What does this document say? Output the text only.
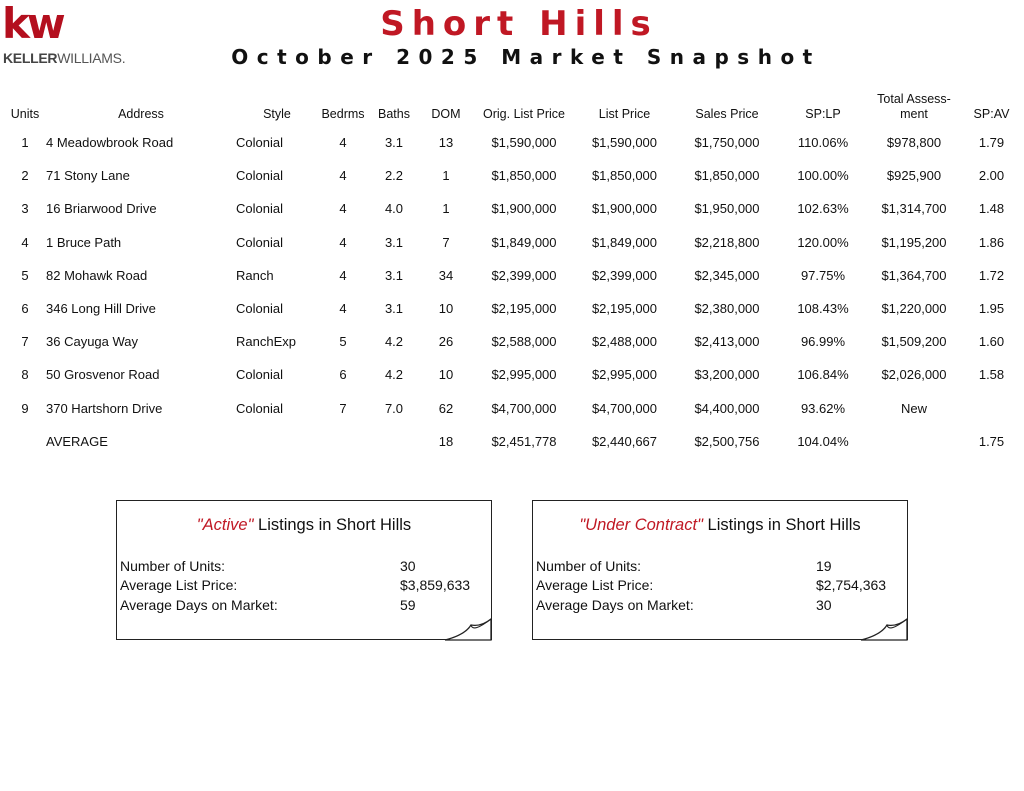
kw
KELLERWILLIAMS.
Short Hills
October 2025 Market Snapshot
Units	Address	Style	Bedrms	Baths	DOM	Orig. List Price	List Price	Sales Price	SP:LP	Total Assess-ment	SP:AV
1	4 Meadowbrook Road	Colonial	4	3.1	13	$1,590,000	$1,590,000	$1,750,000	110.06%	$978,800	1.79
2	71 Stony Lane	Colonial	4	2.2	1	$1,850,000	$1,850,000	$1,850,000	100.00%	$925,900	2.00
3	16 Briarwood Drive	Colonial	4	4.0	1	$1,900,000	$1,900,000	$1,950,000	102.63%	$1,314,700	1.48
4	1 Bruce Path	Colonial	4	3.1	7	$1,849,000	$1,849,000	$2,218,800	120.00%	$1,195,200	1.86
5	82 Mohawk Road	Ranch	4	3.1	34	$2,399,000	$2,399,000	$2,345,000	97.75%	$1,364,700	1.72
6	346 Long Hill Drive	Colonial	4	3.1	10	$2,195,000	$2,195,000	$2,380,000	108.43%	$1,220,000	1.95
7	36 Cayuga Way	RanchExp	5	4.2	26	$2,588,000	$2,488,000	$2,413,000	96.99%	$1,509,200	1.60
8	50 Grosvenor Road	Colonial	6	4.2	10	$2,995,000	$2,995,000	$3,200,000	106.84%	$2,026,000	1.58
9	370 Hartshorn Drive	Colonial	7	7.0	62	$4,700,000	$4,700,000	$4,400,000	93.62%	New	
	AVERAGE				18	$2,451,778	$2,440,667	$2,500,756	104.04%		1.75
"Active" Listings in Short Hills
Number of Units:	30
Average List Price:	$3,859,633
Average Days on Market:	59
"Under Contract" Listings in Short Hills
Number of Units:	19
Average List Price:	$2,754,363
Average Days on Market:	30
